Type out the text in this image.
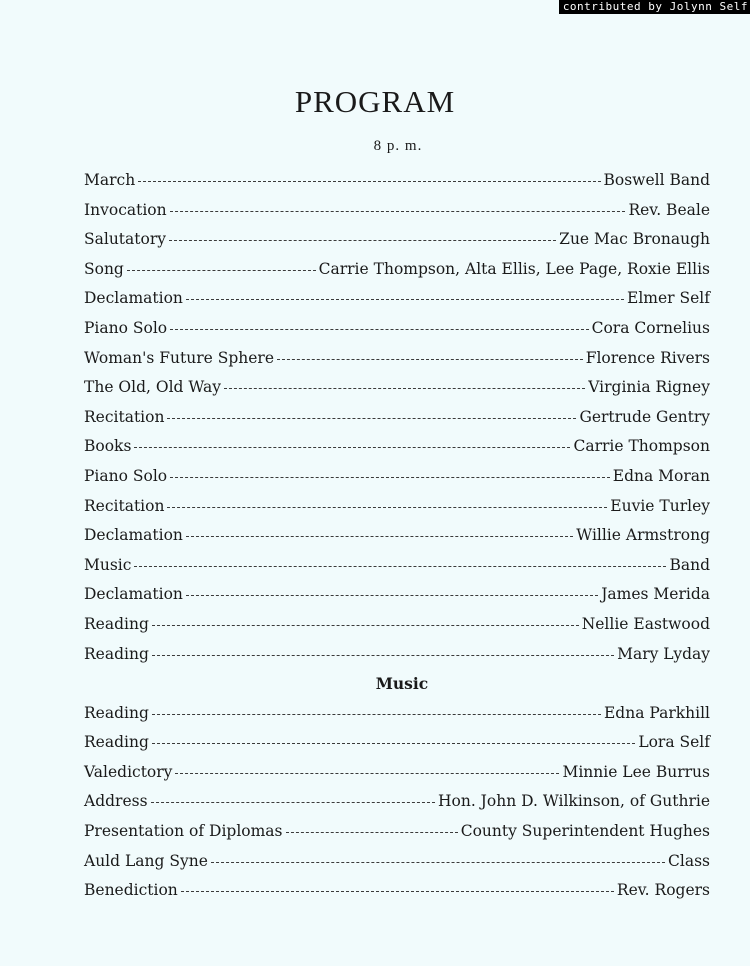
contributed by Jolynn Self
PROGRAM
8 p. m.
March	Boswell Band
Invocation	Rev. Beale
Salutatory	Zue Mac Bronaugh
Song	Carrie Thompson, Alta Ellis, Lee Page, Roxie Ellis
Declamation	Elmer Self
Piano Solo	Cora Cornelius
Woman's Future Sphere	Florence Rivers
The Old, Old Way	Virginia Rigney
Recitation	Gertrude Gentry
Books	Carrie Thompson
Piano Solo	Edna Moran
Recitation	Euvie Turley
Declamation	Willie Armstrong
Music	Band
Declamation	James Merida
Reading	Nellie Eastwood
Reading	Mary Lyday
Music
Reading	Edna Parkhill
Reading	Lora Self
Valedictory	Minnie Lee Burrus
Address	Hon. John D. Wilkinson, of Guthrie
Presentation of Diplomas	County Superintendent Hughes
Auld Lang Syne	Class
Benediction	Rev. Rogers
